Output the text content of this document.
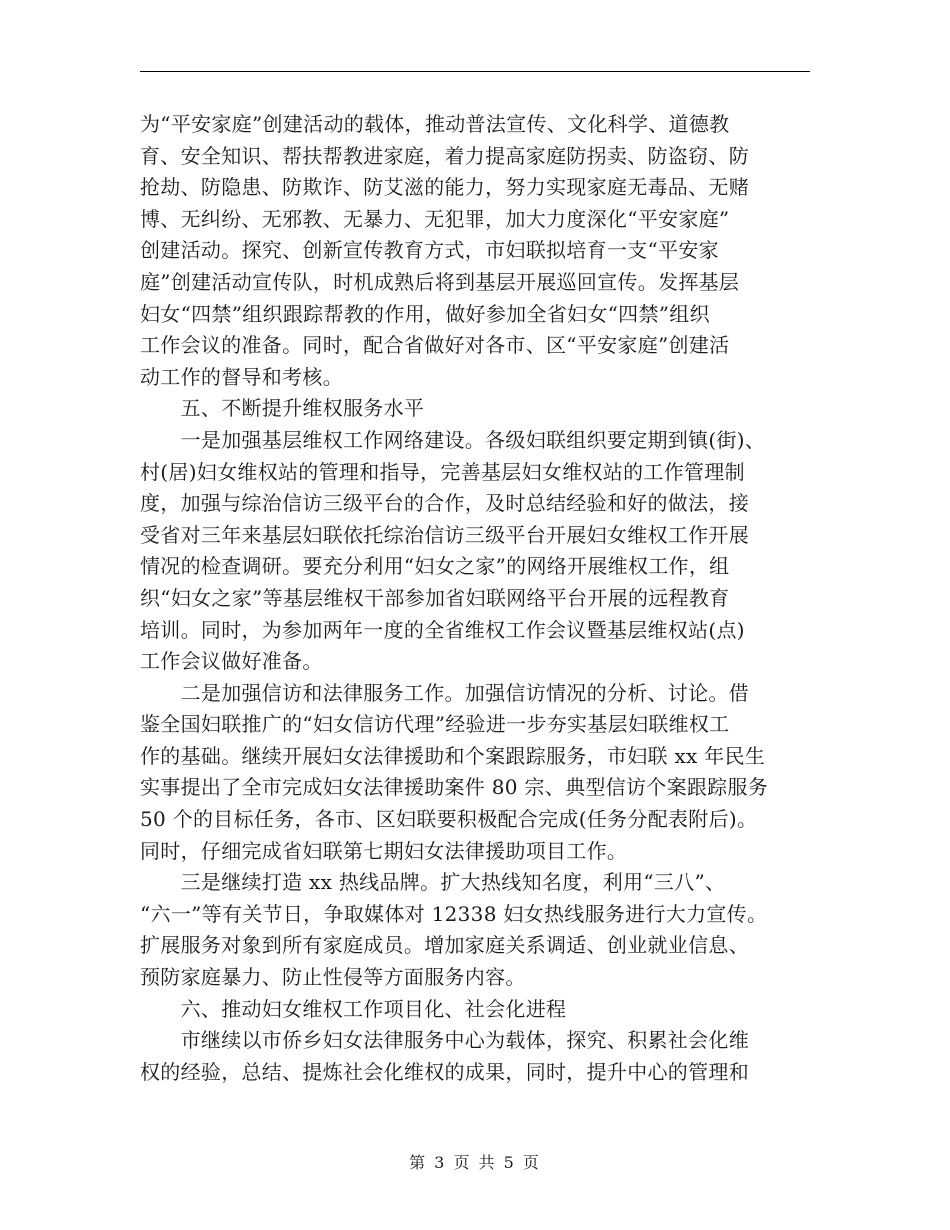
为“平安家庭”创建活动的载体，推动普法宣传、文化科学、道德教
育、安全知识、帮扶帮教进家庭，着力提高家庭防拐卖、防盗窃、防
抢劫、防隐患、防欺诈、防艾滋的能力，努力实现家庭无毒品、无赌
博、无纠纷、无邪教、无暴力、无犯罪，加大力度深化“平安家庭”
创建活动。探究、创新宣传教育方式，市妇联拟培育一支“平安家
庭”创建活动宣传队，时机成熟后将到基层开展巡回宣传。发挥基层
妇女“四禁”组织跟踪帮教的作用，做好参加全省妇女“四禁”组织
工作会议的准备。同时，配合省做好对各市、区“平安家庭”创建活
动工作的督导和考核。
　　五、不断提升维权服务水平
　　一是加强基层维权工作网络建设。各级妇联组织要定期到镇(街)、
村(居)妇女维权站的管理和指导，完善基层妇女维权站的工作管理制
度，加强与综治信访三级平台的合作，及时总结经验和好的做法，接
受省对三年来基层妇联依托综治信访三级平台开展妇女维权工作开展
情况的检查调研。要充分利用“妇女之家”的网络开展维权工作，组
织“妇女之家”等基层维权干部参加省妇联网络平台开展的远程教育
培训。同时，为参加两年一度的全省维权工作会议暨基层维权站(点)
工作会议做好准备。
　　二是加强信访和法律服务工作。加强信访情况的分析、讨论。借
鉴全国妇联推广的“妇女信访代理”经验进一步夯实基层妇联维权工
作的基础。继续开展妇女法律援助和个案跟踪服务，市妇联 xx 年民生
实事提出了全市完成妇女法律援助案件 80 宗、典型信访个案跟踪服务
50 个的目标任务，各市、区妇联要积极配合完成(任务分配表附后)。
同时，仔细完成省妇联第七期妇女法律援助项目工作。
　　三是继续打造 xx 热线品牌。扩大热线知名度，利用“三八”、
“六一”等有关节日，争取媒体对 12338 妇女热线服务进行大力宣传。
扩展服务对象到所有家庭成员。增加家庭关系调适、创业就业信息、
预防家庭暴力、防止性侵等方面服务内容。
　　六、推动妇女维权工作项目化、社会化进程
　　市继续以市侨乡妇女法律服务中心为载体，探究、积累社会化维
权的经验，总结、提炼社会化维权的成果，同时，提升中心的管理和
第 3 页 共 5 页
